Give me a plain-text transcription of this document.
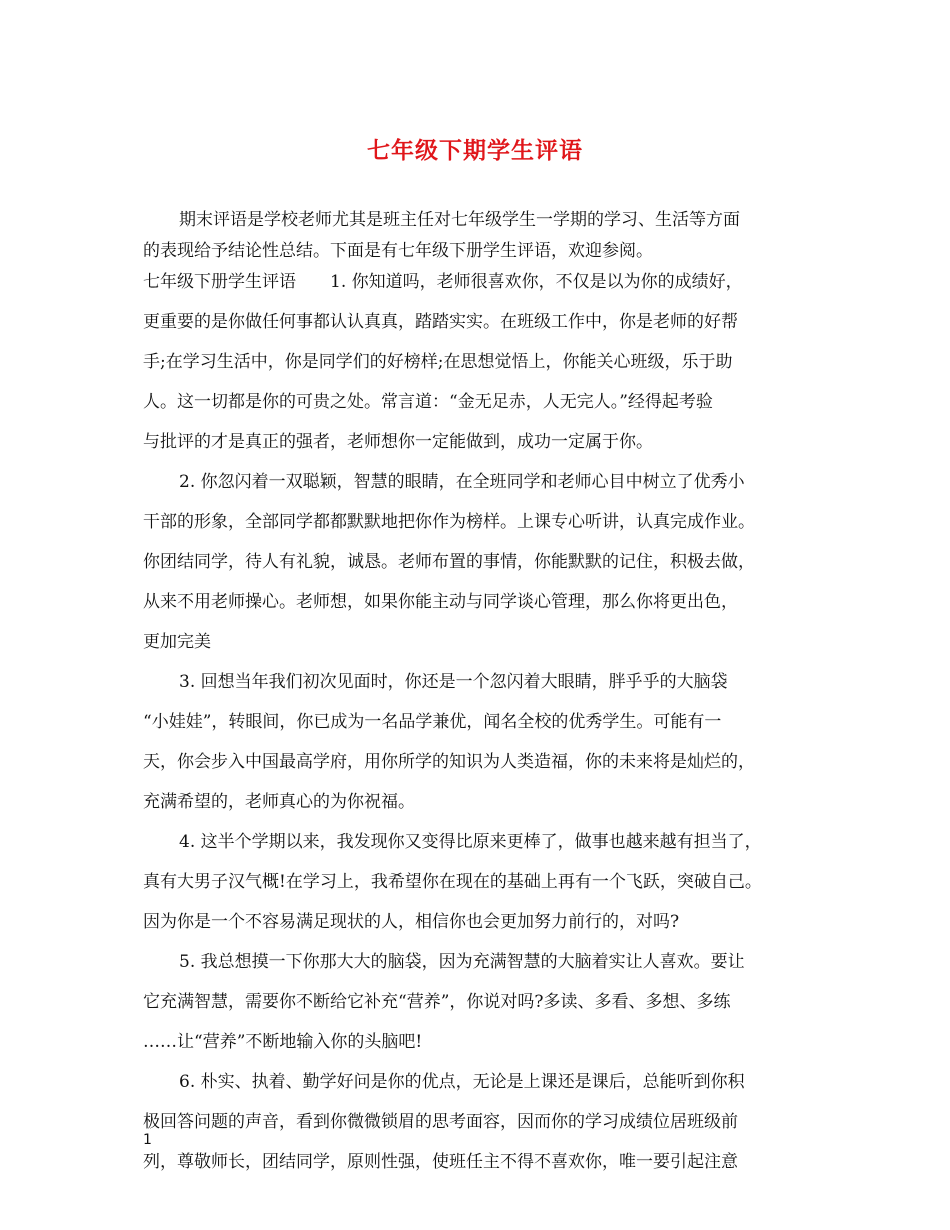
七年级下期学生评语
期末评语是学校老师尤其是班主任对七年级学生一学期的学习、生活等方面
的表现给予结论性总结。下面是有七年级下册学生评语，欢迎参阅。
七年级下册学生评语　　1. 你知道吗，老师很喜欢你，不仅是以为你的成绩好，
更重要的是你做任何事都认认真真，踏踏实实。在班级工作中，你是老师的好帮
手;在学习生活中，你是同学们的好榜样;在思想觉悟上，你能关心班级，乐于助
人。这一切都是你的可贵之处。常言道：“金无足赤，人无完人。”经得起考验
与批评的才是真正的强者，老师想你一定能做到，成功一定属于你。
2. 你忽闪着一双聪颖，智慧的眼睛，在全班同学和老师心目中树立了优秀小
干部的形象，全部同学都都默默地把你作为榜样。上课专心听讲，认真完成作业。
你团结同学，待人有礼貌，诚恳。老师布置的事情，你能默默的记住，积极去做，
从来不用老师操心。老师想，如果你能主动与同学谈心管理，那么你将更出色，
更加完美
3. 回想当年我们初次见面时，你还是一个忽闪着大眼睛，胖乎乎的大脑袋
“小娃娃”，转眼间，你已成为一名品学兼优，闻名全校的优秀学生。可能有一
天，你会步入中国最高学府，用你所学的知识为人类造福，你的未来将是灿烂的，
充满希望的，老师真心的为你祝福。
4. 这半个学期以来，我发现你又变得比原来更棒了，做事也越来越有担当了，
真有大男子汉气概!在学习上，我希望你在现在的基础上再有一个飞跃，突破自己。
因为你是一个不容易满足现状的人，相信你也会更加努力前行的，对吗?
5. 我总想摸一下你那大大的脑袋，因为充满智慧的大脑着实让人喜欢。要让
它充满智慧，需要你不断给它补充“营养”，你说对吗?多读、多看、多想、多练
……让“营养”不断地输入你的头脑吧!
6. 朴实、执着、勤学好问是你的优点，无论是上课还是课后，总能听到你积
极回答问题的声音，看到你微微锁眉的思考面容，因而你的学习成绩位居班级前
列，尊敬师长，团结同学，原则性强，使班任主不得不喜欢你，唯一要引起注意
1
